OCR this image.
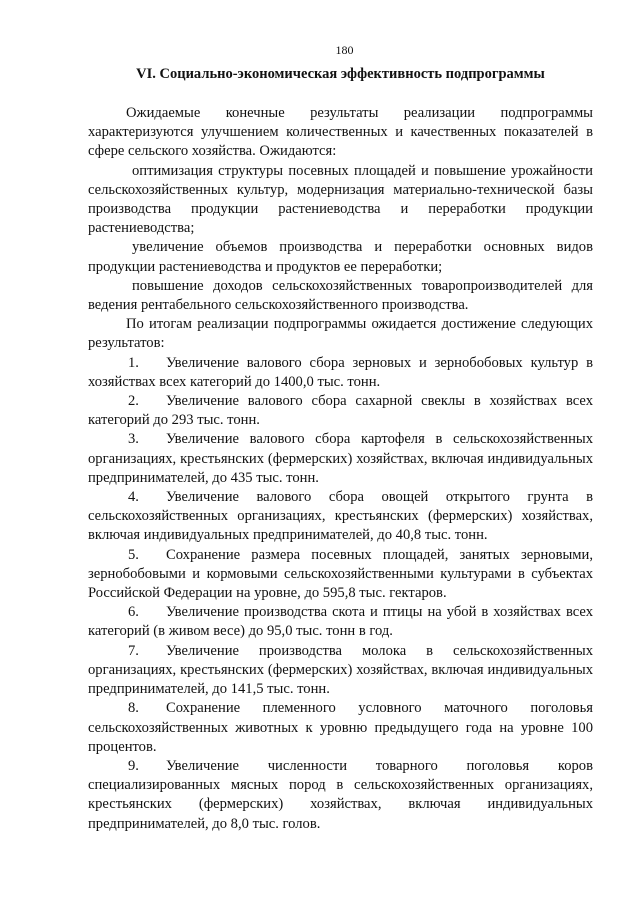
180
VI. Социально-экономическая эффективность подпрограммы

Ожидаемые конечные результаты реализации подпрограммы характеризуются улучшением количественных и качественных показателей в сфере сельского хозяйства. Ожидаются:

оптимизация структуры посевных площадей и повышение урожайности сельскохозяйственных культур, модернизация материально-технической базы производства продукции растениеводства и переработки продукции растениеводства;

увеличение объемов производства и переработки основных видов продукции растениеводства и продуктов ее переработки;

повышение доходов сельскохозяйственных товаропроизводителей для ведения рентабельного сельскохозяйственного производства.

По итогам реализации подпрограммы ожидается достижение следующих результатов:

1. Увеличение валового сбора зерновых и зернобобовых культур в хозяйствах всех категорий до 1400,0 тыс. тонн.

2. Увеличение валового сбора сахарной свеклы в хозяйствах всех категорий до 293 тыс. тонн.

3. Увеличение валового сбора картофеля в сельскохозяйственных организациях, крестьянских (фермерских) хозяйствах, включая индивидуальных предпринимателей, до 435 тыс. тонн.

4. Увеличение валового сбора овощей открытого грунта в сельскохозяйственных организациях, крестьянских (фермерских) хозяйствах, включая индивидуальных предпринимателей, до 40,8 тыс. тонн.

5. Сохранение размера посевных площадей, занятых зерновыми, зернобобовыми и кормовыми сельскохозяйственными культурами в субъектах Российской Федерации на уровне, до 595,8 тыс. гектаров.

6. Увеличение производства скота и птицы на убой в хозяйствах всех категорий (в живом весе) до 95,0 тыс. тонн в год.

7. Увеличение производства молока в сельскохозяйственных организациях, крестьянских (фермерских) хозяйствах, включая индивидуальных предпринимателей, до 141,5 тыс. тонн.

8. Сохранение племенного условного маточного поголовья сельскохозяйственных животных к уровню предыдущего года на уровне 100 процентов.

9. Увеличение численности товарного поголовья коров специализированных мясных пород в сельскохозяйственных организациях, крестьянских (фермерских) хозяйствах, включая индивидуальных предпринимателей, до 8,0 тыс. голов.
